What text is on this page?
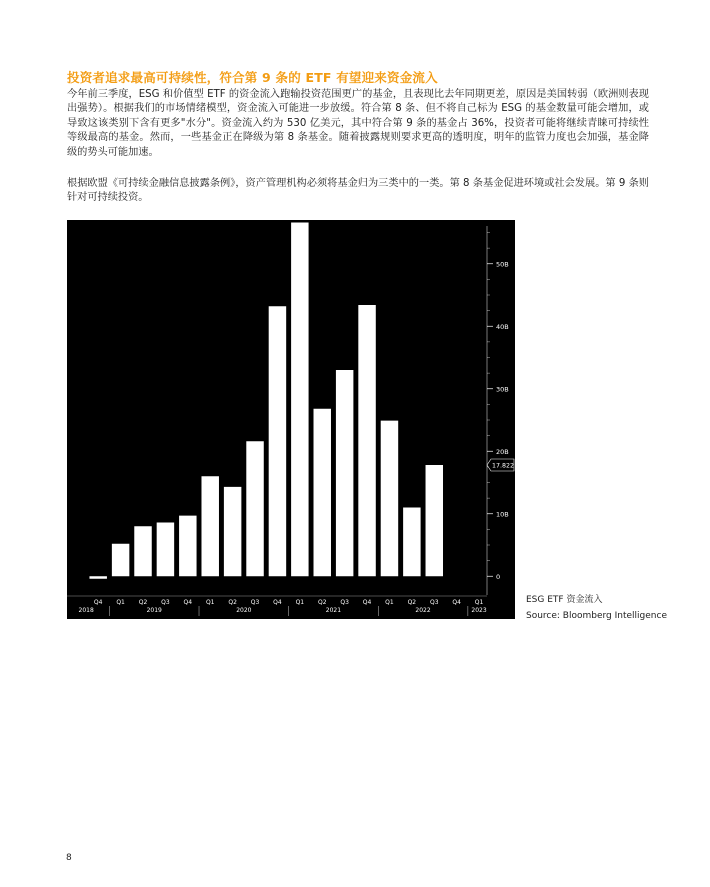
投资者追求最高可持续性，符合第 9 条的 ETF 有望迎来资金流入
今年前三季度，ESG 和价值型 ETF 的资金流入跑输投资范围更广的基金，且表现比去年同期更差，原因是美国转弱（欧洲则表现出强势）。根据我们的市场情绪模型，资金流入可能进一步放缓。符合第 8 条、但不将自己标为 ESG 的基金数量可能会增加，或导致这该类别下含有更多"水分"。资金流入约为 530 亿美元，其中符合第 9 条的基金占 36%，投资者可能将继续青睐可持续性等级最高的基金。然而，一些基金正在降级为第 8 条基金。随着披露规则要求更高的透明度，明年的监管力度也会加强，基金降级的势头可能加速。
根据欧盟《可持续金融信息披露条例》，资产管理机构必须将基金归为三类中的一类。第 8 条基金促进环境或社会发展。第 9 条则针对可持续投资。
0
10B
20B
30B
40B
50B
17.822
Q4 Q1 Q2 Q3 Q4 Q1 Q2 Q3 Q4 Q1 Q2 Q3 Q4 Q1 Q2 Q3 Q4 Q1
2018	2019	2020	2021	2022	2023
ESG ETF 资金流入
Source: Bloomberg Intelligence
8
